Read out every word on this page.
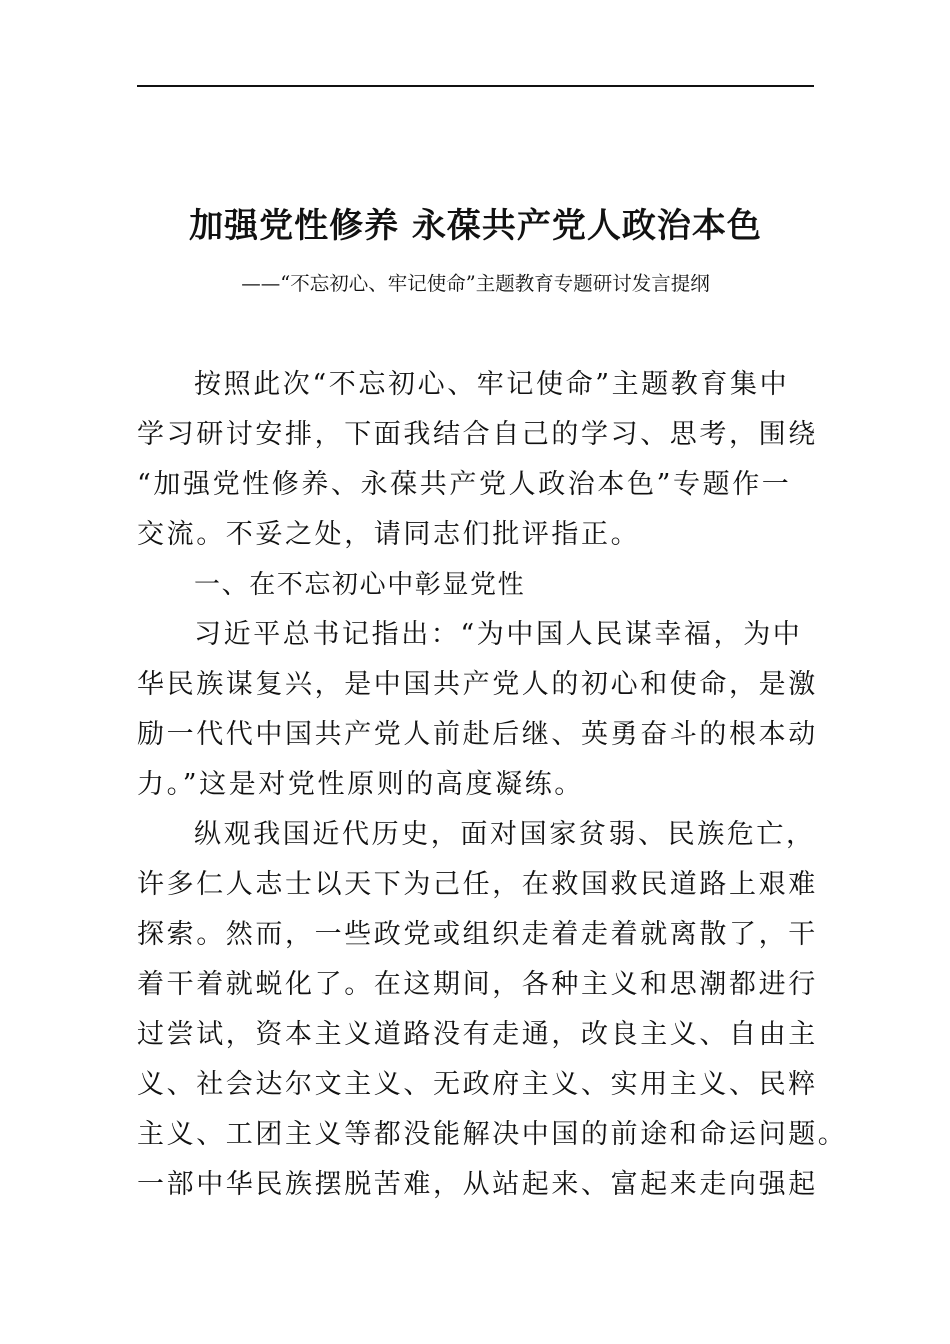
加强党性修养 永葆共产党人政治本色
——“不忘初心、牢记使命”主题教育专题研讨发言提纲
按照此次“不忘初心、牢记使命”主题教育集中
学习研讨安排，下面我结合自己的学习、思考，围绕
“加强党性修养、永葆共产党人政治本色”专题作一
交流。不妥之处，请同志们批评指正。
一、在不忘初心中彰显党性
习近平总书记指出：“为中国人民谋幸福，为中
华民族谋复兴，是中国共产党人的初心和使命，是激
励一代代中国共产党人前赴后继、英勇奋斗的根本动
力。”这是对党性原则的高度凝练。
纵观我国近代历史，面对国家贫弱、民族危亡，
许多仁人志士以天下为己任，在救国救民道路上艰难
探索。然而，一些政党或组织走着走着就离散了，干
着干着就蜕化了。在这期间，各种主义和思潮都进行
过尝试，资本主义道路没有走通，改良主义、自由主
义、社会达尔文主义、无政府主义、实用主义、民粹
主义、工团主义等都没能解决中国的前途和命运问题。
一部中华民族摆脱苦难，从站起来、富起来走向强起
